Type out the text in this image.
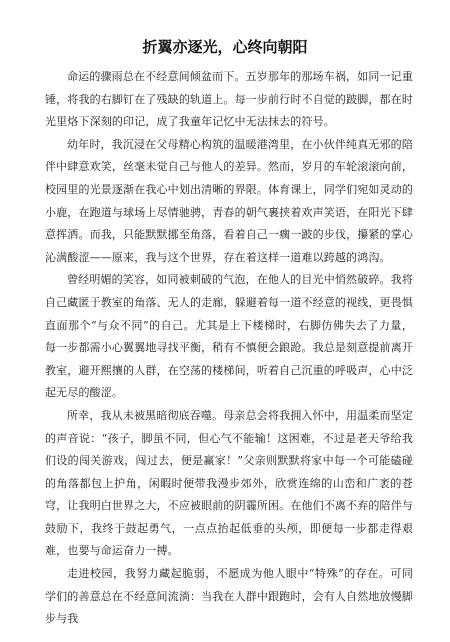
折翼亦逐光，心终向朝阳

命运的骤雨总在不经意间倾盆而下。五岁那年的那场车祸，如同一记重锤，将我的右脚钉在了残缺的轨道上。每一步前行时不自觉的跛脚，都在时光里烙下深刻的印记，成了我童年记忆中无法抹去的符号。

幼年时，我沉浸在父母精心构筑的温暖港湾里，在小伙伴纯真无邪的陪伴中肆意欢笑，丝毫未觉自己与他人的差异。然而，岁月的车轮滚滚向前，校园里的光景逐渐在我心中划出清晰的界限。体育课上，同学们宛如灵动的小鹿，在跑道与球场上尽情驰骋，青春的朝气裹挟着欢声笑语，在阳光下肆意挥洒。而我，只能默默挪至角落，看着自己一瘸一跛的步伐，攥紧的掌心沁满酸涩——原来，我与这个世界，存在着这样一道难以跨越的鸿沟。

曾经明媚的笑容，如同被刺破的气泡，在他人的目光中悄然破碎。我将自己藏匿于教室的角落、无人的走廊，躲避着每一道不经意的视线，更畏惧直面那个“与众不同”的自己。尤其是上下楼梯时，右脚仿佛失去了力量，每一步都需小心翼翼地寻找平衡，稍有不慎便会踉跄。我总是刻意提前离开教室，避开熙攘的人群，在空荡的楼梯间，听着自己沉重的呼吸声，心中泛起无尽的酸涩。

所幸，我从未被黑暗彻底吞噬。母亲总会将我拥入怀中，用温柔而坚定的声音说：“孩子，脚虽不同，但心气不能输！这困难，不过是老天爷给我们设的闯关游戏，闯过去，便是赢家！”父亲则默默将家中每一个可能磕碰的角落都包上护角，闲暇时便带我漫步郊外，欣赏连绵的山峦和广袤的苍穹，让我明白世界之大，不应被眼前的阴霾所困。在他们不离不弃的陪伴与鼓励下，我终于鼓起勇气，一点点抬起低垂的头颅，即便每一步都走得艰难，也要与命运奋力一搏。

走进校园，我努力藏起脆弱，不愿成为他人眼中“特殊”的存在。可同学们的善意总在不经意间流淌：当我在人群中跟跑时，会有人自然地放慢脚步与我
